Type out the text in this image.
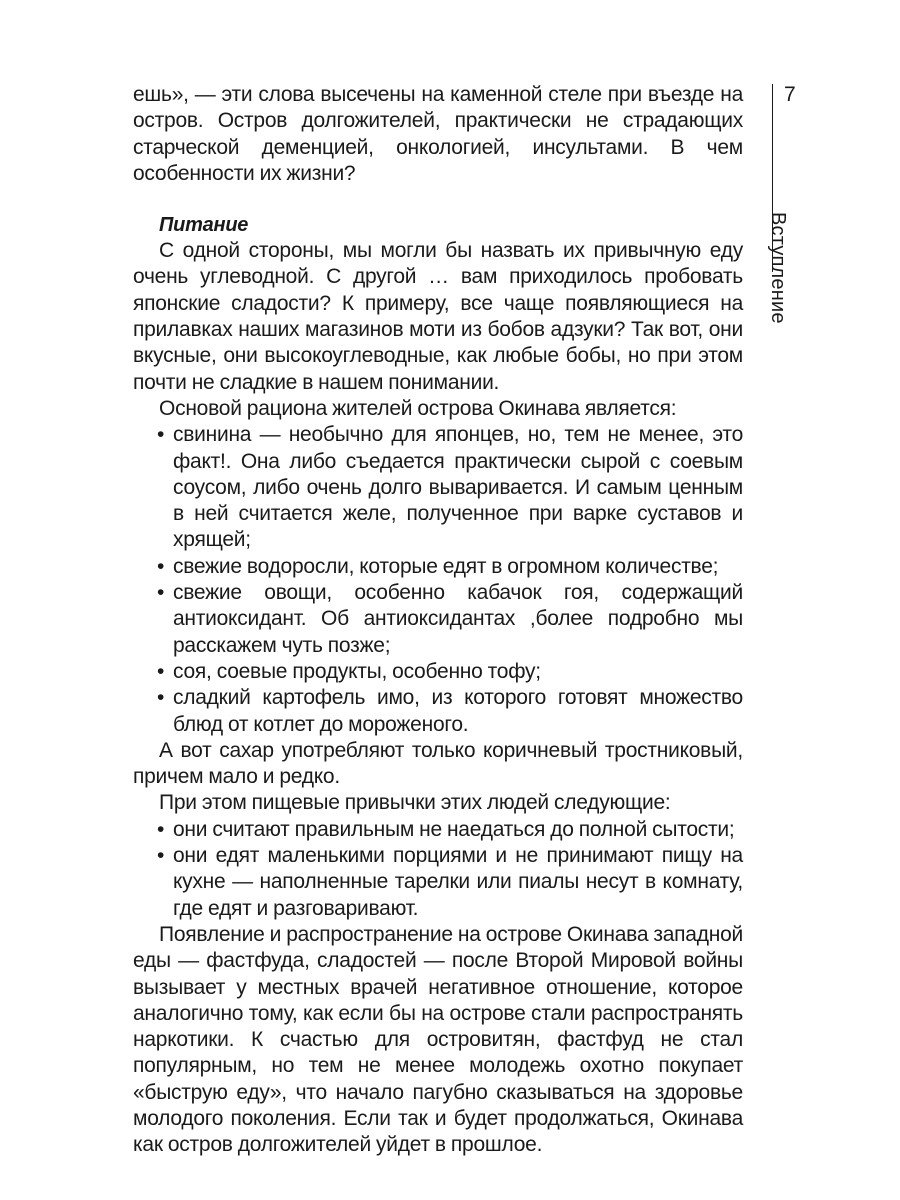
ешь», — эти слова высечены на каменной стеле при въезде на остров. Остров долгожителей, практически не страдающих старческой деменцией, онкологией, инсультами. В чем особенности их жизни?

Питание

С одной стороны, мы могли бы назвать их привычную еду очень углеводной. С другой … вам приходилось пробовать японские сладости? К примеру, все чаще появляющиеся на прилавках наших магазинов моти из бобов адзуки? Так вот, они вкусные, они высокоуглеводные, как любые бобы, но при этом почти не сладкие в нашем понимании.

Основой рациона жителей острова Окинава является:

• свинина — необычно для японцев, но, тем не менее, это факт!. Она либо съедается практически сырой с соевым соусом, либо очень долго вываривается. И самым ценным в ней считается желе, полученное при варке суставов и хрящей;
• свежие водоросли, которые едят в огромном количестве;
• свежие овощи, особенно кабачок гоя, содержащий антиоксидант. Об антиоксидантах ,более подробно мы расскажем чуть позже;
• соя, соевые продукты, особенно тофу;
• сладкий картофель имо, из которого готовят множество блюд от котлет до мороженого.

А вот сахар употребляют только коричневый тростниковый, причем мало и редко.

При этом пищевые привычки этих людей следующие:

• они считают правильным не наедаться до полной сытости;
• они едят маленькими порциями и не принимают пищу на кухне — наполненные тарелки или пиалы несут в комнату, где едят и разговаривают.

Появление и распространение на острове Окинава западной еды — фастфуда, сладостей — после Второй Мировой войны вызывает у местных врачей негативное отношение, которое аналогично тому, как если бы на острове стали распространять наркотики. К счастью для островитян, фастфуд не стал популярным, но тем не менее молодежь охотно покупает «быструю еду», что начало пагубно сказываться на здоровье молодого поколения. Если так и будет продолжаться, Окинава как остров долгожителей уйдет в прошлое.

7
Вступление
